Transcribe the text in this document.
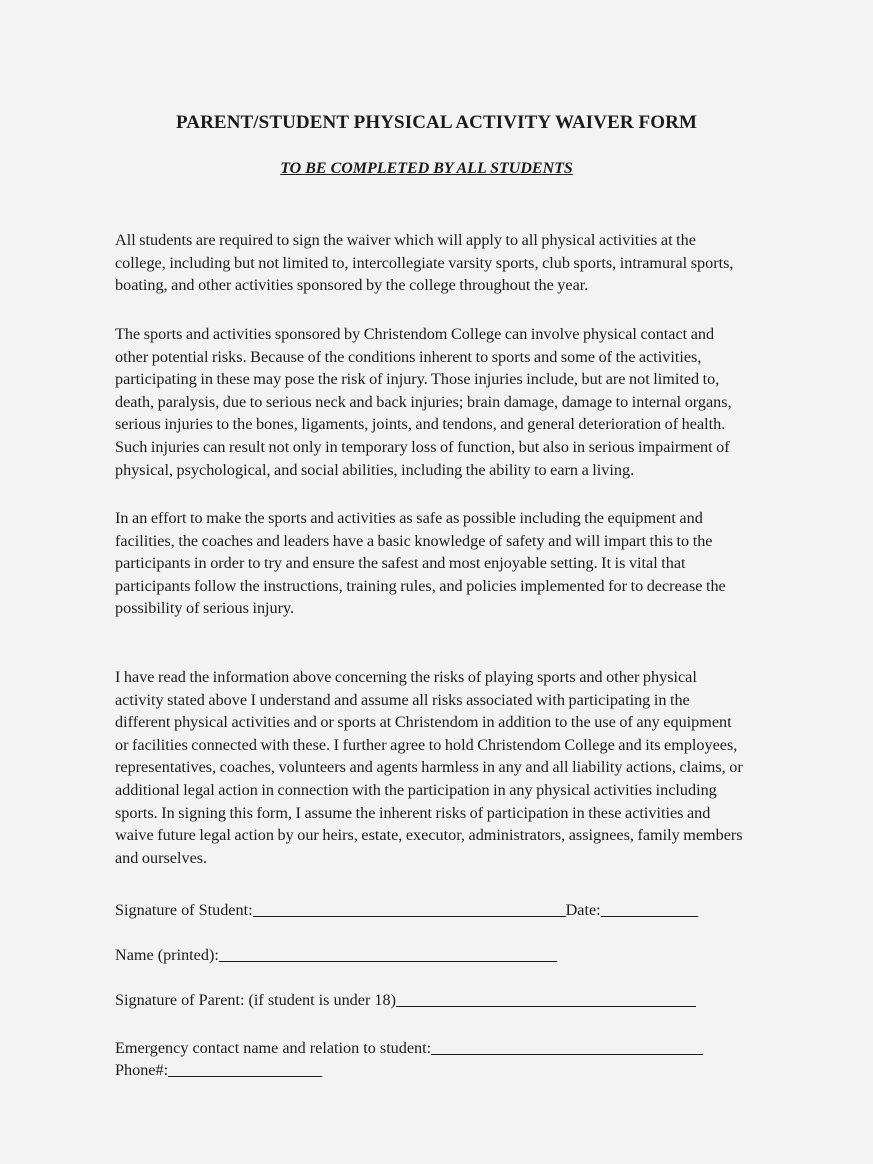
PARENT/STUDENT PHYSICAL ACTIVITY WAIVER FORM
TO BE COMPLETED BY ALL STUDENTS

All students are required to sign the waiver which will apply to all physical activities at the college, including but not limited to, intercollegiate varsity sports, club sports, intramural sports, boating, and other activities sponsored by the college throughout the year.

The sports and activities sponsored by Christendom College can involve physical contact and other potential risks. Because of the conditions inherent to sports and some of the activities, participating in these may pose the risk of injury. Those injuries include, but are not limited to, death, paralysis, due to serious neck and back injuries; brain damage, damage to internal organs, serious injuries to the bones, ligaments, joints, and tendons, and general deterioration of health. Such injuries can result not only in temporary loss of function, but also in serious impairment of physical, psychological, and social abilities, including the ability to earn a living.

In an effort to make the sports and activities as safe as possible including the equipment and facilities, the coaches and leaders have a basic knowledge of safety and will impart this to the participants in order to try and ensure the safest and most enjoyable setting. It is vital that participants follow the instructions, training rules, and policies implemented for to decrease the possibility of serious injury.

I have read the information above concerning the risks of playing sports and other physical activity stated above I understand and assume all risks associated with participating in the different physical activities and or sports at Christendom in addition to the use of any equipment or facilities connected with these. I further agree to hold Christendom College and its employees, representatives, coaches, volunteers and agents harmless in any and all liability actions, claims, or additional legal action in connection with the participation in any physical activities including sports. In signing this form, I assume the inherent risks of participation in these activities and waive future legal action by our heirs, estate, executor, administrators, assignees, family members and ourselves.

Signature of Student:	Date:
Name (printed):
Signature of Parent: (if student is under 18)
Emergency contact name and relation to student:
Phone#:
